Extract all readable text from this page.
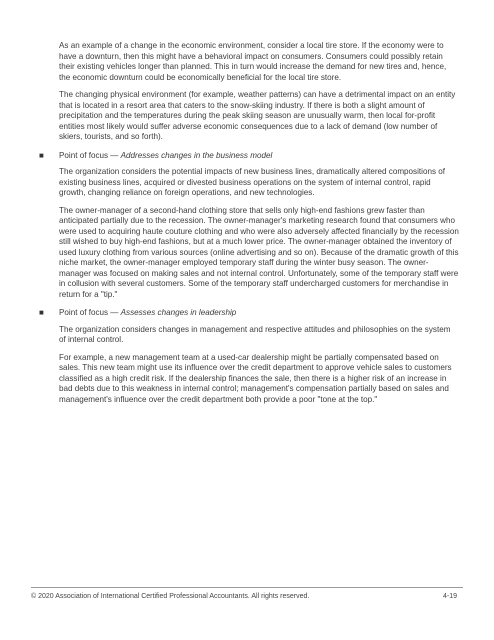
As an example of a change in the economic environment, consider a local tire store. If the economy were to have a downturn, then this might have a behavioral impact on consumers. Consumers could possibly retain their existing vehicles longer than planned. This in turn would increase the demand for new tires and, hence, the economic downturn could be economically beneficial for the local tire store.

The changing physical environment (for example, weather patterns) can have a detrimental impact on an entity that is located in a resort area that caters to the snow-skiing industry. If there is both a slight amount of precipitation and the temperatures during the peak skiing season are unusually warm, then local for-profit entities most likely would suffer adverse economic consequences due to a lack of demand (low number of skiers, tourists, and so forth).

■	Point of focus — Addresses changes in the business model

The organization considers the potential impacts of new business lines, dramatically altered compositions of existing business lines, acquired or divested business operations on the system of internal control, rapid growth, changing reliance on foreign operations, and new technologies.

The owner-manager of a second-hand clothing store that sells only high-end fashions grew faster than anticipated partially due to the recession. The owner-manager's marketing research found that consumers who were used to acquiring haute couture clothing and who were also adversely affected financially by the recession still wished to buy high-end fashions, but at a much lower price. The owner-manager obtained the inventory of used luxury clothing from various sources (online advertising and so on). Because of the dramatic growth of this niche market, the owner-manager employed temporary staff during the winter busy season. The owner-manager was focused on making sales and not internal control. Unfortunately, some of the temporary staff were in collusion with several customers. Some of the temporary staff undercharged customers for merchandise in return for a "tip."

■	Point of focus — Assesses changes in leadership

The organization considers changes in management and respective attitudes and philosophies on the system of internal control.

For example, a new management team at a used-car dealership might be partially compensated based on sales. This new team might use its influence over the credit department to approve vehicle sales to customers classified as a high credit risk. If the dealership finances the sale, then there is a higher risk of an increase in bad debts due to this weakness in internal control; management's compensation partially based on sales and management's influence over the credit department both provide a poor "tone at the top."

© 2020 Association of International Certified Professional Accountants. All rights reserved.	4-19
